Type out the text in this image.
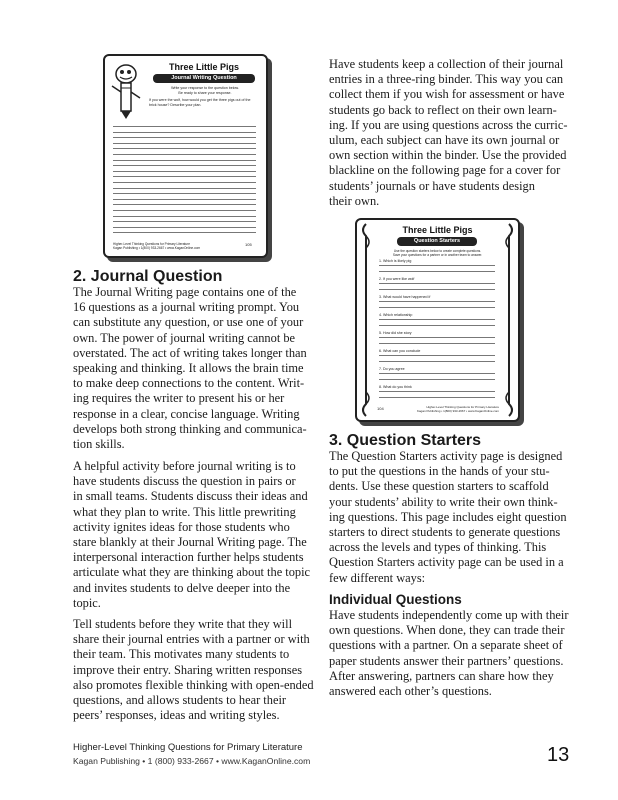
Three Little Pigs
Journal Writing Question
Write your response to the question below.
Be ready to share your response.
If you were the wolf, how would you get the three pigs out of the brick house? Describe your plan.
Higher-Level Thinking Questions for Primary Literature
Kagan Publishing • 1(800) 933-2667 • www.KaganOnline.com
105

Have students keep a collection of their journal
entries in a three-ring binder. This way you can
collect them if you wish for assessment or have
students go back to reflect on their own learn-
ing. If you are using questions across the curric-
ulum, each subject can have its own journal or
own section within the binder. Use the provided
blackline on the following page for a cover for
students’ journals or have students design
their own.

Three Little Pigs
Question Starters
Use the question starters below to create complete questions.
Save your questions for a partner or in another team to answer.
1. Which is likely pig
2. If you were like wolf
3. What would have happened if
4. Which relationship
5. How did she story
6. What can you conclude
7. Do you agree
8. What do you think
104	Higher-Level Thinking Questions for Primary Literature
Kagan Publishing • 1(800) 933-2667 • www.KaganOnline.com
2. Journal Question

The Journal Writing page contains one of the
16 questions as a journal writing prompt. You
can substitute any question, or use one of your
own. The power of journal writing cannot be
overstated. The act of writing takes longer than
speaking and thinking. It allows the brain time
to make deep connections to the content. Writ-
ing requires the writer to present his or her
response in a clear, concise language. Writing
develops both strong thinking and communica-
tion skills.

A helpful activity before journal writing is to
have students discuss the question in pairs or
in small teams. Students discuss their ideas and
what they plan to write. This little prewriting
activity ignites ideas for those students who
stare blankly at their Journal Writing page. The
interpersonal interaction further helps students
articulate what they are thinking about the topic
and invites students to delve deeper into the
topic.

Tell students before they write that they will
share their journal entries with a partner or with
their team. This motivates many students to
improve their entry. Sharing written responses
also promotes flexible thinking with open-ended
questions, and allows students to hear their
peers’ responses, ideas and writing styles.

3. Question Starters

The Question Starters activity page is designed
to put the questions in the hands of your stu-
dents. Use these question starters to scaffold
your students’ ability to write their own think-
ing questions. This page includes eight question
starters to direct students to generate questions
across the levels and types of thinking. This
Question Starters activity page can be used in a
few different ways:

Individual Questions

Have students independently come up with their
own questions. When done, they can trade their
questions with a partner. On a separate sheet of
paper students answer their partners’ questions.
After answering, partners can share how they
answered each other’s questions.

Higher-Level Thinking Questions for Primary Literature
Kagan Publishing • 1 (800) 933-2667 • www.KaganOnline.com	13
